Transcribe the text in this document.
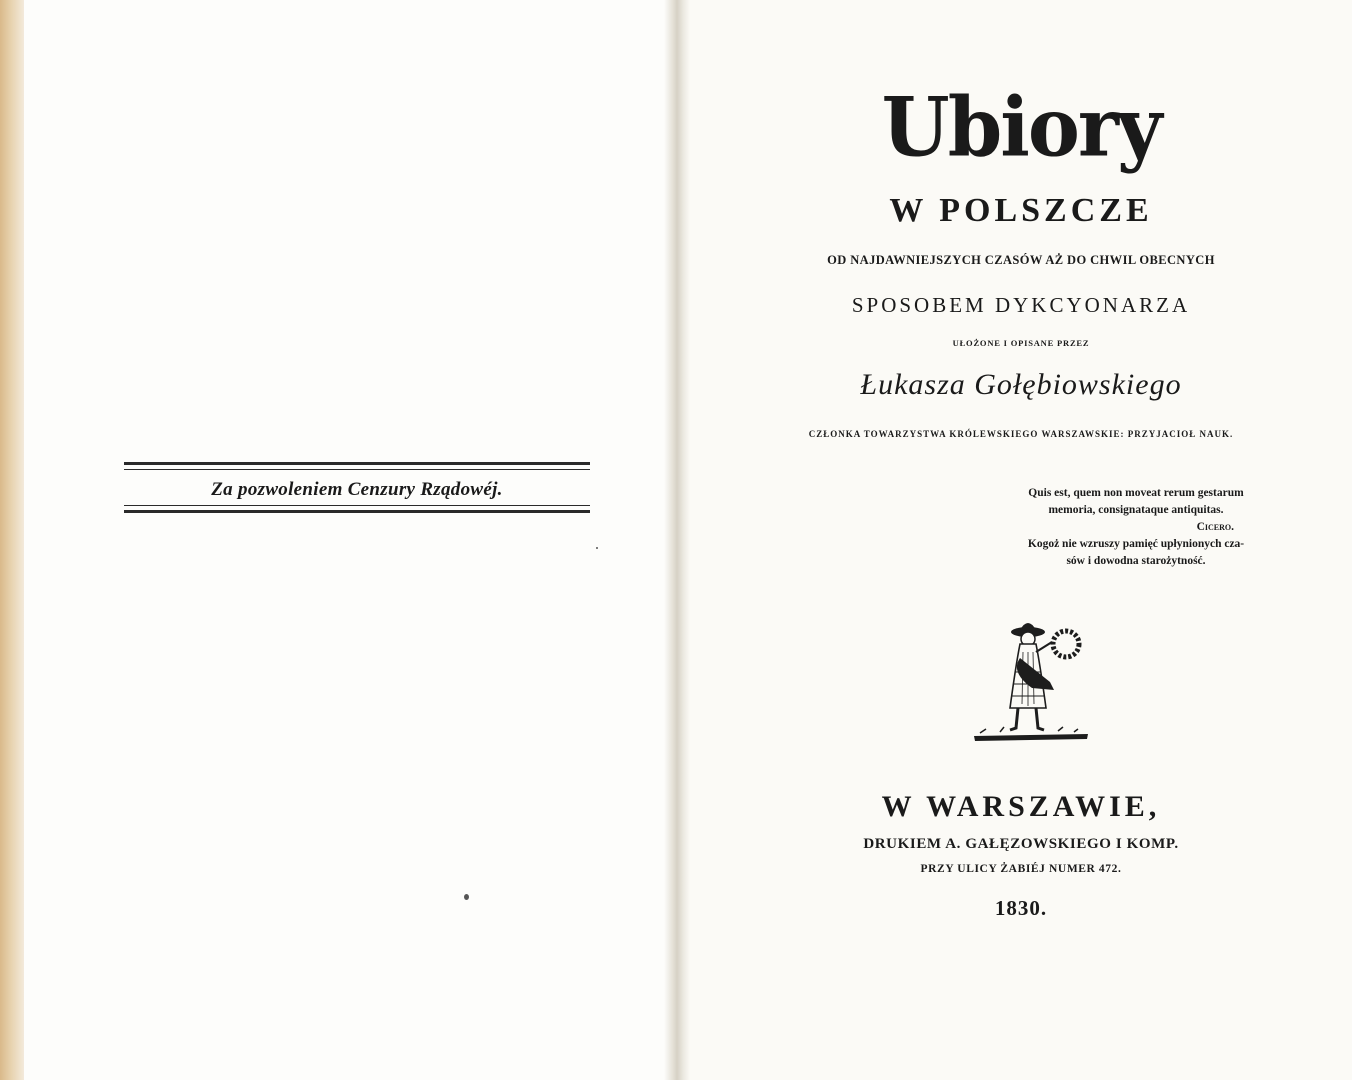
Za pozwoleniem Cenzury Rządowéj.
Ubiory
W POLSZCZE
OD NAJDAWNIEJSZYCH CZASÓW AŻ DO CHWIL OBECNYCH
SPOSOBEM DYKCYONARZA
UŁOŻONE I OPISANE PRZEZ
Łukasza Gołębiowskiego
CZŁONKA TOWARZYSTWA KRÓLEWSKIEGO WARSZAWSKIE: PRZYJACIOŁ NAUK.
Quis est, quem non moveat rerum gestarum
memoria, consignataque antiquitas.
Cicero.
Kogoż nie wzruszy pamięć upłynionych cza-
sów i dowodna starożytność.
W WARSZAWIE,
DRUKIEM A. GAŁĘZOWSKIEGO I KOMP.
PRZY ULICY ŻABIÉJ NUMER 472.
1830.
